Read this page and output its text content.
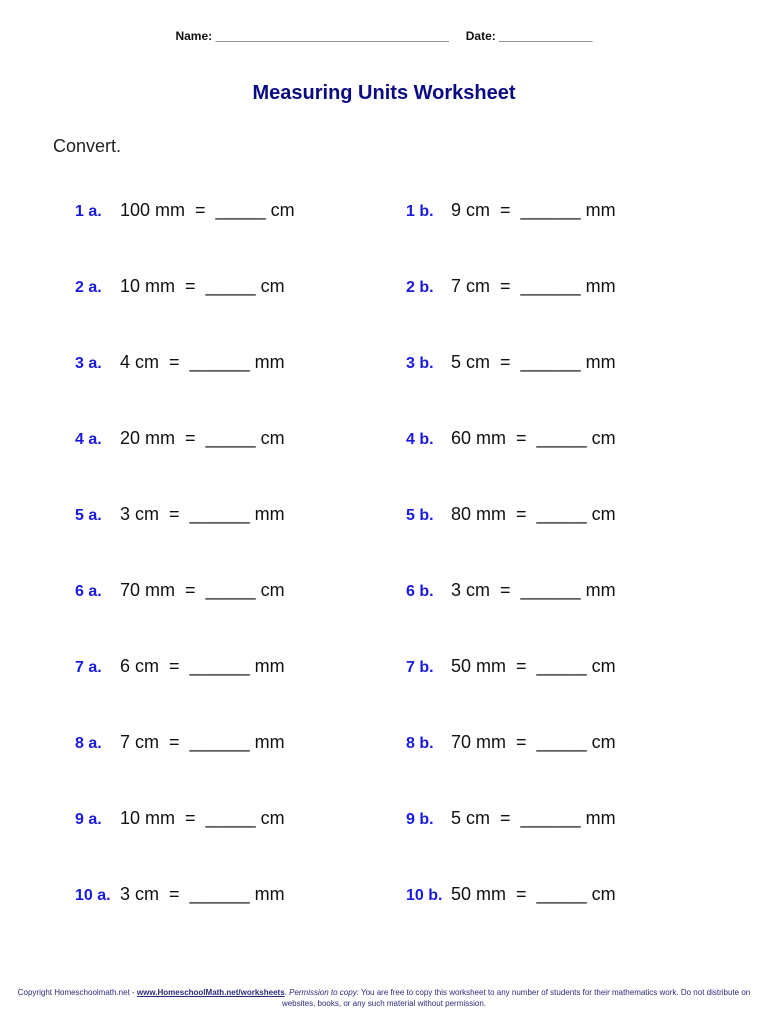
Name: ___________________________________ Date: ______________
Measuring Units Worksheet
Convert.
1 a. 100 mm  =  _____ cm	1 b. 9 cm  =  ______ mm
2 a. 10 mm  =  _____ cm	2 b. 7 cm  =  ______ mm
3 a. 4 cm  =  ______ mm	3 b. 5 cm  =  ______ mm
4 a. 20 mm  =  _____ cm	4 b. 60 mm  =  _____ cm
5 a. 3 cm  =  ______ mm	5 b. 80 mm  =  _____ cm
6 a. 70 mm  =  _____ cm	6 b. 3 cm  =  ______ mm
7 a. 6 cm  =  ______ mm	7 b. 50 mm  =  _____ cm
8 a. 7 cm  =  ______ mm	8 b. 70 mm  =  _____ cm
9 a. 10 mm  =  _____ cm	9 b. 5 cm  =  ______ mm
10 a. 3 cm  =  ______ mm	10 b. 50 mm  =  _____ cm
Copyright Homeschoolmath.net - www.HomeschoolMath.net/worksheets. Permission to copy: You are free to copy this worksheet to any number of students for their mathematics work. Do not distribute on websites, books, or any such material without permission.
